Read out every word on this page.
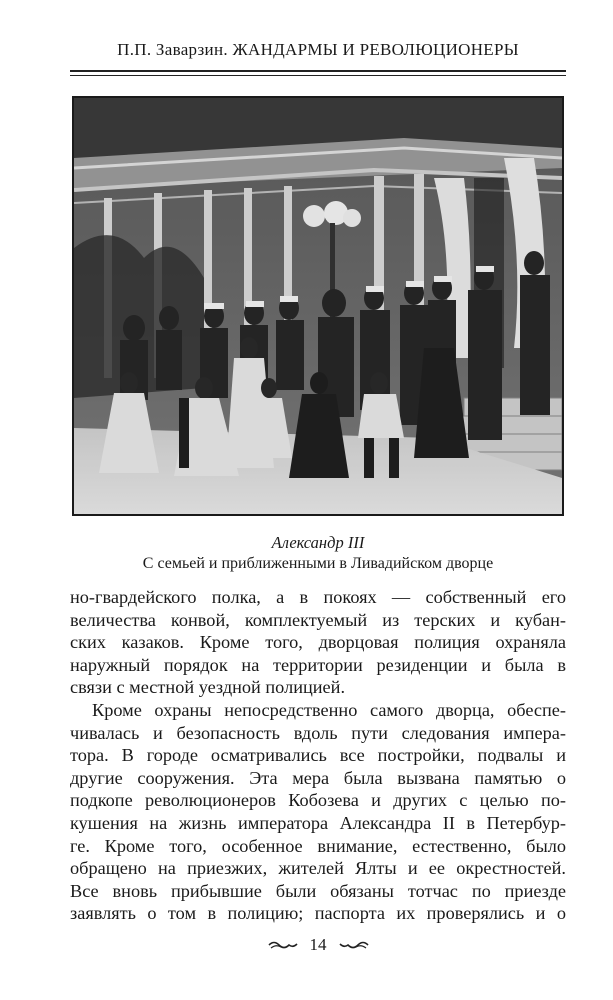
П.П. Заварзин. ЖАНДАРМЫ И РЕВОЛЮЦИОНЕРЫ
Александр III
С семьей и приближенными в Ливадийском дворце
но-гвардейского полка, а в покоях — собственный его
величества конвой, комплектуемый из терских и кубан-
ских казаков. Кроме того, дворцовая полиция охраняла
наружный порядок на территории резиденции и была в
связи с местной уездной полицией.
Кроме охраны непосредственно самого дворца, обеспе-
чивалась и безопасность вдоль пути следования импера-
тора. В городе осматривались все постройки, подвалы и
другие сооружения. Эта мера была вызвана памятью о
подкопе революционеров Кобозева и других с целью по-
кушения на жизнь императора Александра II в Петербур-
ге. Кроме того, особенное внимание, естественно, было
обращено на приезжих, жителей Ялты и ее окрестностей.
Все вновь прибывшие были обязаны тотчас по приезде
заявлять о том в полицию; паспорта их проверялись и о
14
